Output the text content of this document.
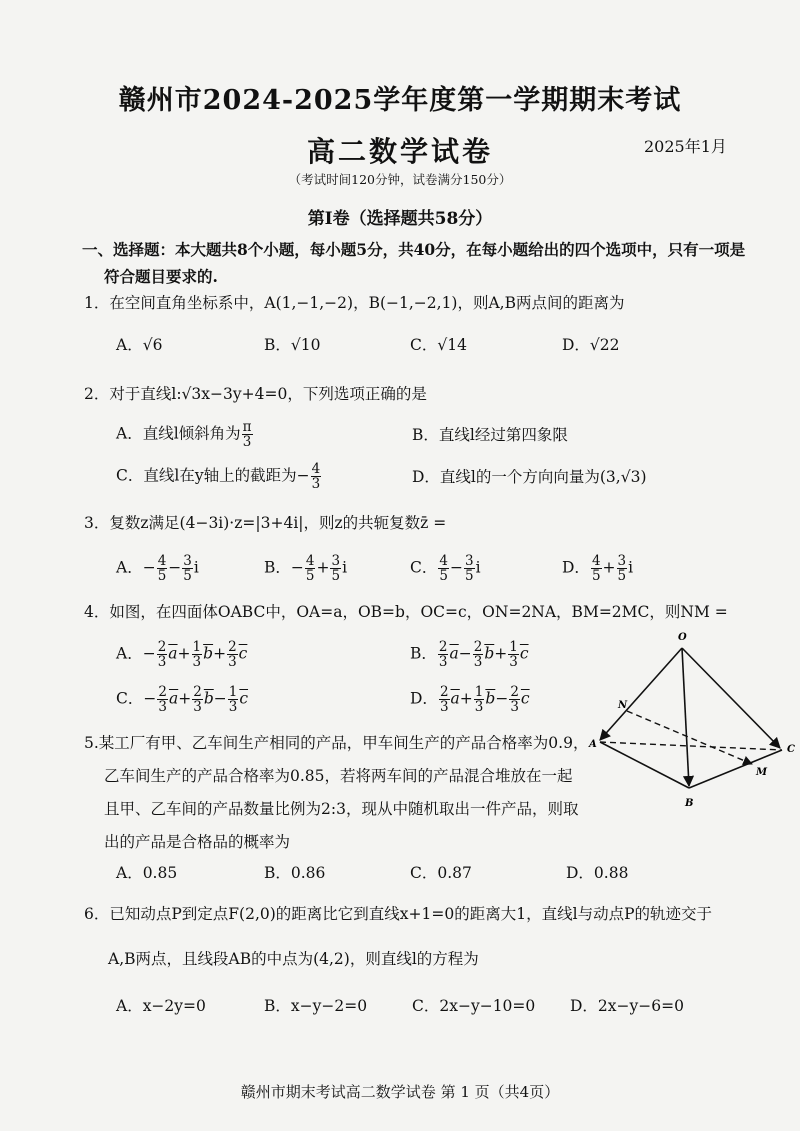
赣州市2024-2025学年度第一学期期末考试
高二数学试卷	2025年1月
（考试时间120分钟，试卷满分150分）
第Ⅰ卷（选择题共58分）
一、选择题：本大题共8个小题，每小题5分，共40分，在每小题给出的四个选项中，只有一项是
符合题目要求的.
1．在空间直角坐标系中，A(1,−1,−2)，B(−1,−2,1)，则A,B两点间的距离为
A．√6	B．√10	C．√14	D．√22
2．对于直线l:√3x−3y+4=0，下列选项正确的是
A．直线l倾斜角为 $\frac{\pi}{3}$	B．直线l经过第四象限
C．直线l在y轴上的截距为− $\frac{4}{3}$	D．直线l的一个方向向量为(3,√3)
3．复数z满足(4−3i)·z=|3+4i|，则z的共轭复数z̄ =
A．− $\frac{4}{5} - \frac{3}{5}$ i	B．− $\frac{4}{5} + \frac{3}{5}$ i	C． $\frac{4}{5} - \frac{3}{5}$ i	D． $\frac{4}{5} + \frac{3}{5}$ i
4．如图，在四面体OABC中，OA=a，OB=b，OC=c，ON=2NA，BM=2MC，则NM =
A．− $\frac{2}{3} \overline{a}+ \frac{1}{3} \overline{b}+ \frac{2}{3} \overline{c}$	B． $\frac{2}{3} \overline{a}- \frac{2}{3} \overline{b}+ \frac{1}{3} \overline{c}$
C．− $\frac{2}{3} \overline{a}+ \frac{2}{3} \overline{b}- \frac{1}{3} \overline{c}$	D． $\frac{2}{3} \overline{a}+ \frac{1}{3} \overline{b}- \frac{2}{3} \overline{c}$
O
A
B
C
M
N
5.某工厂有甲、乙车间生产相同的产品，甲车间生产的产品合格率为0.9，
乙车间生产的产品合格率为0.85，若将两车间的产品混合堆放在一起
且甲、乙车间的产品数量比例为2:3，现从中随机取出一件产品，则取
出的产品是合格品的概率为
A．0.85	B．0.86	C．0.87	D．0.88
6．已知动点P到定点F(2,0)的距离比它到直线x+1=0的距离大1，直线l与动点P的轨迹交于
A,B两点，且线段AB的中点为(4,2)，则直线l的方程为
A．x−2y=0	B．x−y−2=0	C．2x−y−10=0 D．2x−y−6=0
赣州市期末考试高二数学试卷 第 1 页（共4页）
